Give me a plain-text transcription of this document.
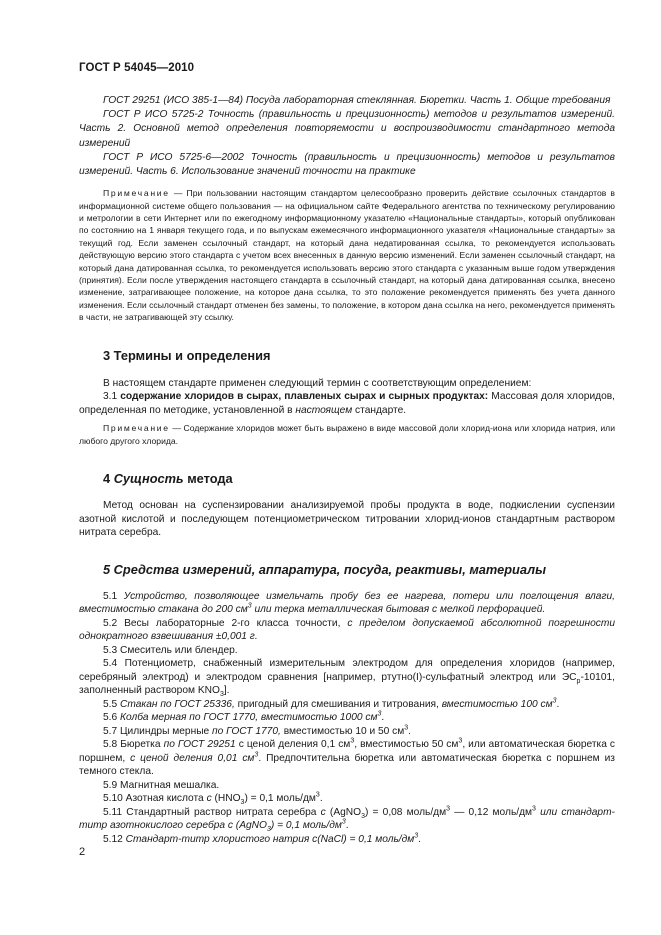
ГОСТ Р 54045—2010

ГОСТ 29251 (ИСО 385-1—84) Посуда лабораторная стеклянная. Бюретки. Часть 1. Общие требования

ГОСТ Р ИСО 5725-2 Точность (правильность и прецизионность) методов и результатов измерений. Часть 2. Основной метод определения повторяемости и воспроизводимости стандартного метода измерений

ГОСТ Р ИСО 5725-6—2002 Точность (правильность и прецизионность) методов и результатов измерений. Часть 6. Использование значений точности на практике

Примечание — При пользовании настоящим стандартом целесообразно проверить действие ссылочных стандартов в информационной системе общего пользования — на официальном сайте Федерального агентства по техническому регулированию и метрологии в сети Интернет или по ежегодному информационному указателю «Национальные стандарты», который опубликован по состоянию на 1 января текущего года, и по выпускам ежемесячного информационного указателя «Национальные стандарты» за текущий год. Если заменен ссылочный стандарт, на который дана недатированная ссылка, то рекомендуется использовать действующую версию этого стандарта с учетом всех внесенных в данную версию изменений. Если заменен ссылочный стандарт, на который дана датированная ссылка, то рекомендуется использовать версию этого стандарта с указанным выше годом утверждения (принятия). Если после утверждения настоящего стандарта в ссылочный стандарт, на который дана датированная ссылка, внесено изменение, затрагивающее положение, на которое дана ссылка, то это положение рекомендуется применять без учета данного изменения. Если ссылочный стандарт отменен без замены, то положение, в котором дана ссылка на него, рекомендуется применять в части, не затрагивающей эту ссылку.

3 Термины и определения

В настоящем стандарте применен следующий термин с соответствующим определением:

3.1 содержание хлоридов в сырах, плавленых сырах и сырных продуктах: Массовая доля хлоридов, определенная по методике, установленной в настоящем стандарте.

Примечание — Содержание хлоридов может быть выражено в виде массовой доли хлорид-иона или хлорида натрия, или любого другого хлорида.

4 Сущность метода

Метод основан на суспензировании анализируемой пробы продукта в воде, подкислении суспензии азотной кислотой и последующем потенциометрическом титровании хлорид-ионов стандартным раствором нитрата серебра.

5 Средства измерений, аппаратура, посуда, реактивы, материалы

5.1 Устройство, позволяющее измельчать пробу без ее нагрева, потери или поглощения влаги, вместимостью стакана до 200 $см^3$ или терка металлическая бытовая с мелкой перфорацией.

5.2 Весы лабораторные 2-го класса точности, с пределом допускаемой абсолютной погрешности однократного взвешивания ±0,001 г.

5.3 Смеситель или блендер.

5.4 Потенциометр, снабженный измерительным электродом для определения хлоридов (например, серебряный электрод) и электродом сравнения [например, ртутно(I)-сульфатный электрод или $ЭС_р-10101$, заполненный раствором $KNO_3$].

5.5 Стакан по ГОСТ 25336, пригодный для смешивания и титрования, вместимостью 100 $см^3$.

5.6 Колба мерная по ГОСТ 1770, вместимостью 1000 $см^3$.

5.7 Цилиндры мерные по ГОСТ 1770, вместимостью 10 и 50 $см^3$.

5.8 Бюретка по ГОСТ 29251 с ценой деления 0,1 $см^3$, вместимостью 50 $см^3$, или автоматическая бюретка с поршнем, с ценой деления 0,01 $см^3$. Предпочтительна бюретка или автоматическая бюретка с поршнем из темного стекла.

5.9 Магнитная мешалка.

5.10 Азотная кислота с $(HNO_3) = 0,1$ моль/$дм^3$.

5.11 Стандартный раствор нитрата серебра с (AgNO$_3$) = 0,08 моль/$дм^3$ — 0,12 моль/$дм^3$ или стандарт-титр азотнокислого серебра с (AgNO$_3$) = 0,1 моль/$дм^3$.

5.12 Стандарт-титр хлористого натрия с(NaCl) = 0,1 моль/$дм^3$.

2
